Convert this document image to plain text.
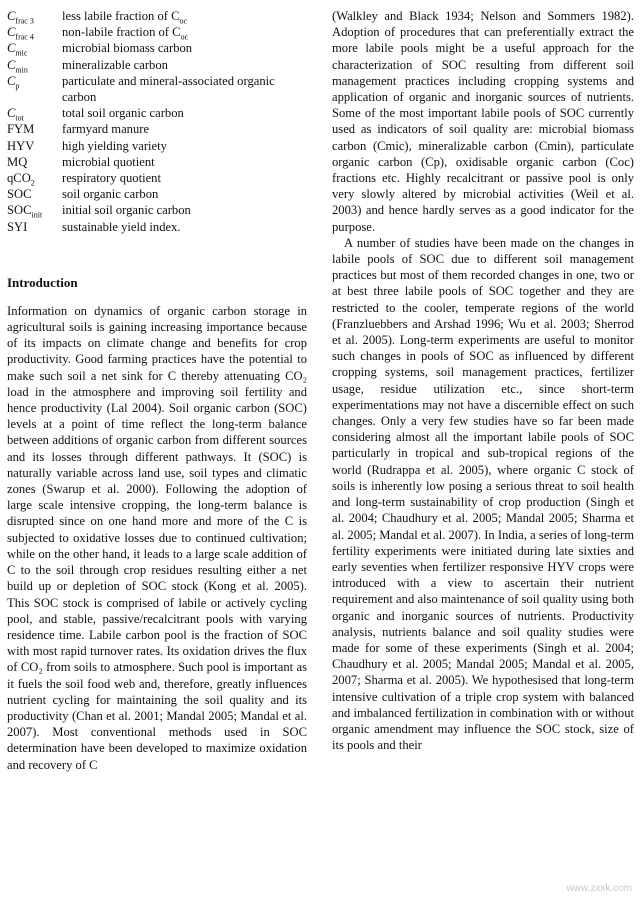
$C_{frac 3}$	less labile fraction of $C_{oc}$
$C_{frac 4}$	non-labile fraction of $C_{oc}$
$C_{mic}$	microbial biomass carbon
$C_{min}$	mineralizable carbon
$C_p$	particulate and mineral-associated organic carbon
$C_{tot}$	total soil organic carbon
FYM	farmyard manure
HYV	high yielding variety
MQ	microbial quotient
qCO$_2$	respiratory quotient
SOC	soil organic carbon
$SOC_{init}$	initial soil organic carbon
SYI	sustainable yield index.
Introduction

Information on dynamics of organic carbon storage in agricultural soils is gaining increasing importance because of its impacts on climate change and benefits for crop productivity. Good farming practices have the potential to make such soil a net sink for C thereby attenuating CO₂ load in the atmosphere and improving soil fertility and hence productivity (Lal 2004). Soil organic carbon (SOC) levels at a point of time reflect the long-term balance between additions of organic carbon from different sources and its losses through different pathways. It (SOC) is naturally variable across land use, soil types and climatic zones (Swarup et al. 2000). Following the adoption of large scale intensive cropping, the long-term balance is disrupted since on one hand more and more of the C is subjected to oxidative losses due to continued cultivation; while on the other hand, it leads to a large scale addition of C to the soil through crop residues resulting either a net build up or depletion of SOC stock (Kong et al. 2005). This SOC stock is comprised of labile or actively cycling pool, and stable, passive/recalcitrant pools with varying residence time. Labile carbon pool is the fraction of SOC with most rapid turnover rates. Its oxidation drives the flux of CO₂ from soils to atmosphere. Such pool is important as it fuels the soil food web and, therefore, greatly influences nutrient cycling for maintaining the soil quality and its productivity (Chan et al. 2001; Mandal 2005; Mandal et al. 2007). Most conventional methods used in SOC determination have been developed to maximize oxidation and recovery of C

(Walkley and Black 1934; Nelson and Sommers 1982). Adoption of procedures that can preferentially extract the more labile pools might be a useful approach for the characterization of SOC resulting from different soil management practices including cropping systems and application of organic and inorganic sources of nutrients. Some of the most important labile pools of SOC currently used as indicators of soil quality are: microbial biomass carbon (Cmic), mineralizable carbon (Cmin), particulate organic carbon (Cp), oxidisable organic carbon (Coc) fractions etc. Highly recalcitrant or passive pool is only very slowly altered by microbial activities (Weil et al. 2003) and hence hardly serves as a good indicator for the purpose.

A number of studies have been made on the changes in labile pools of SOC due to different soil management practices but most of them recorded changes in one, two or at best three labile pools of SOC together and they are restricted to the cooler, temperate regions of the world (Franzluebbers and Arshad 1996; Wu et al. 2003; Sherrod et al. 2005). Long-term experiments are useful to monitor such changes in pools of SOC as influenced by different cropping systems, soil management practices, fertilizer usage, residue utilization etc., since short-term experimentations may not have a discernible effect on such changes. Only a very few studies have so far been made considering almost all the important labile pools of SOC particularly in tropical and sub-tropical regions of the world (Rudrappa et al. 2005), where organic C stock of soils is inherently low posing a serious threat to soil health and long-term sustainability of crop production (Singh et al. 2004; Chaudhury et al. 2005; Mandal 2005; Sharma et al. 2005; Mandal et al. 2007). In India, a series of long-term fertility experiments were initiated during late sixties and early seventies when fertilizer responsive HYV crops were introduced with a view to ascertain their nutrient requirement and also maintenance of soil quality using both organic and inorganic sources of nutrients. Productivity analysis, nutrients balance and soil quality studies were made for some of these experiments (Singh et al. 2004; Chaudhury et al. 2005; Mandal 2005; Mandal et al. 2005, 2007; Sharma et al. 2005). We hypothesised that long-term intensive cultivation of a triple crop system with balanced and imbalanced fertilization in combination with or without organic amendment may influence the SOC stock, size of its pools and their

www.zxxk.com
